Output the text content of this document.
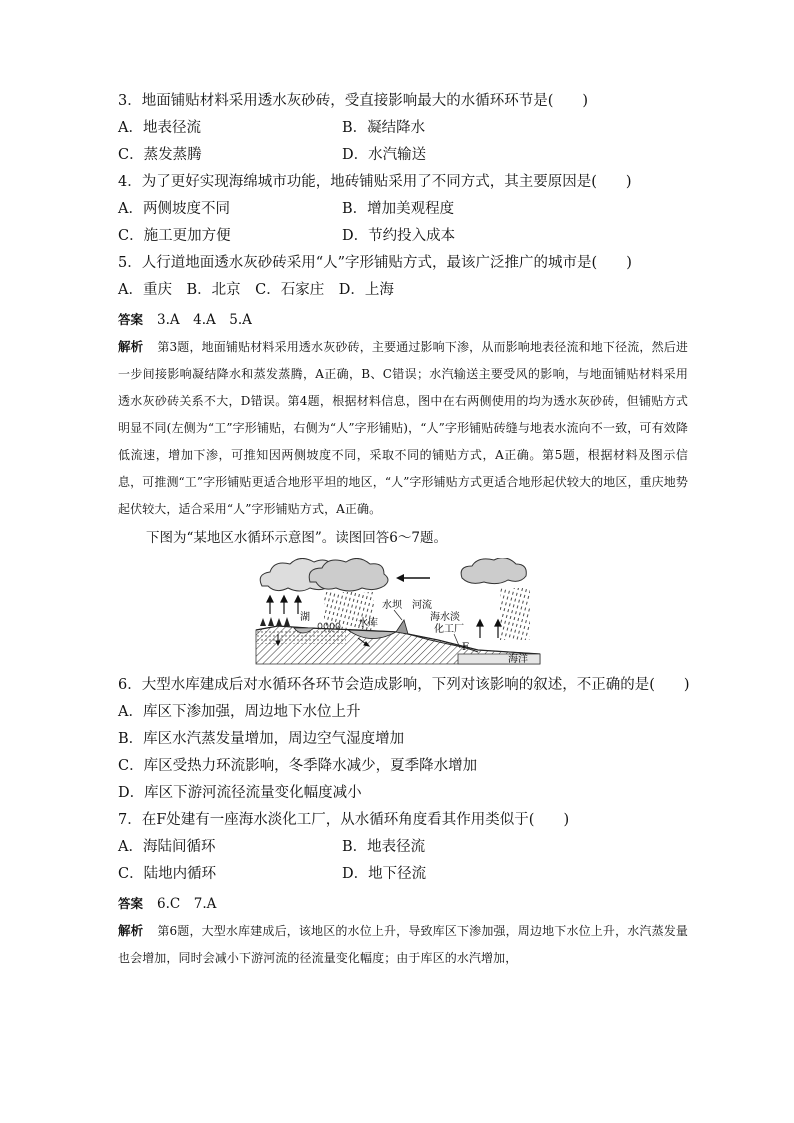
3．地面铺贴材料采用透水灰砂砖，受直接影响最大的水循环环节是(　　)
A．地表径流	B．凝结降水
C．蒸发蒸腾	D．水汽输送
4．为了更好实现海绵城市功能，地砖铺贴采用了不同方式，其主要原因是(　　)
A．两侧坡度不同	B．增加美观程度
C．施工更加方便	D．节约投入成本
5．人行道地面透水灰砂砖采用“人”字形铺贴方式，最该广泛推广的城市是(　　)
A．重庆　B．北京　C．石家庄　D．上海
答案 3.A　4.A　5.A
解析 第3题，地面铺贴材料采用透水灰砂砖，主要通过影响下渗，从而影响地表径流和地下径流，然后进一步间接影响凝结降水和蒸发蒸腾，A正确，B、C错误；水汽输送主要受风的影响，与地面铺贴材料采用透水灰砂砖关系不大，D错误。第4题，根据材料信息，图中在右两侧使用的均为透水灰砂砖，但铺贴方式明显不同(左侧为“工”字形铺贴，右侧为“人”字形铺贴)，“人”字形铺贴砖缝与地表水流向不一致，可有效降低流速，增加下渗，可推知因两侧坡度不同，采取不同的铺贴方式，A正确。第5题，根据材料及图示信息，可推测“工”字形铺贴更适合地形平坦的地区，“人”字形铺贴方式更适合地形起伏较大的地区，重庆地势起伏较大，适合采用“人”字形铺贴方式，A正确。
下图为“某地区水循环示意图”。读图回答6～7题。
湖
水库
水坝 河流
海水淡
化工厂
F
海洋
6．大型水库建成后对水循环各环节会造成影响，下列对该影响的叙述，不正确的是(　　)
A．库区下渗加强，周边地下水位上升
B．库区水汽蒸发量增加，周边空气湿度增加
C．库区受热力环流影响，冬季降水减少，夏季降水增加
D．库区下游河流径流量变化幅度减小
7．在F处建有一座海水淡化工厂，从水循环角度看其作用类似于(　　)
A．海陆间循环	B．地表径流
C．陆地内循环	D．地下径流
答案 6.C　7.A
解析 第6题，大型水库建成后，该地区的水位上升，导致库区下渗加强，周边地下水位上升，水汽蒸发量也会增加，同时会减小下游河流的径流量变化幅度；由于库区的水汽增加，
